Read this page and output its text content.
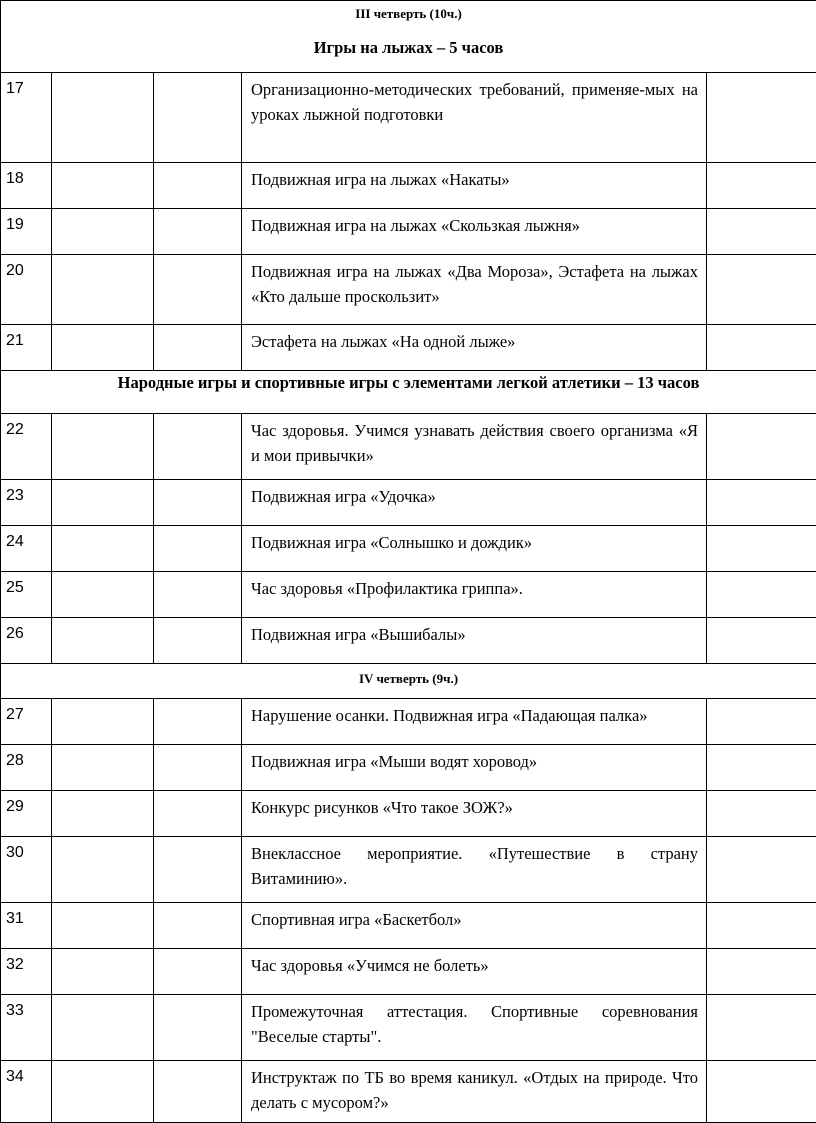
III четверть (10ч.)
Игры на лыжах – 5 часов				

17			Организационно-методических требований, применяе-мых на уроках лыжной подготовки	
18			Подвижная игра на лыжах «Накаты»	
19			Подвижная игра на лыжах «Скользкая лыжня»	
20			Подвижная игра на лыжах «Два Мороза», Эстафета на лыжах «Кто дальше проскользит»	
21			Эстафета на лыжах «На одной лыже»	

Народные игры и спортивные игры с элементами легкой атлетики – 13 часов				

22			Час здоровья. Учимся узнавать действия своего организма «Я и мои привычки»	
23			Подвижная игра «Удочка»	
24			Подвижная игра «Солнышко и дождик»	
25			Час здоровья «Профилактика гриппа».	
26			Подвижная игра «Вышибалы»	

IV четверть (9ч.)				

27			Нарушение осанки. Подвижная игра «Падающая палка»	
28			Подвижная игра «Мыши водят хоровод»	
29			Конкурс рисунков «Что такое ЗОЖ?»	
30			Внеклассное мероприятие. «Путешествие в страну Витаминию».	
31			Спортивная игра «Баскетбол»	
32			Час здоровья «Учимся не болеть»	
33			Промежуточная аттестация. Спортивные соревнования "Веселые старты".	
34			Инструктаж по ТБ во время каникул. «Отдых на природе. Что делать с мусором?»	
